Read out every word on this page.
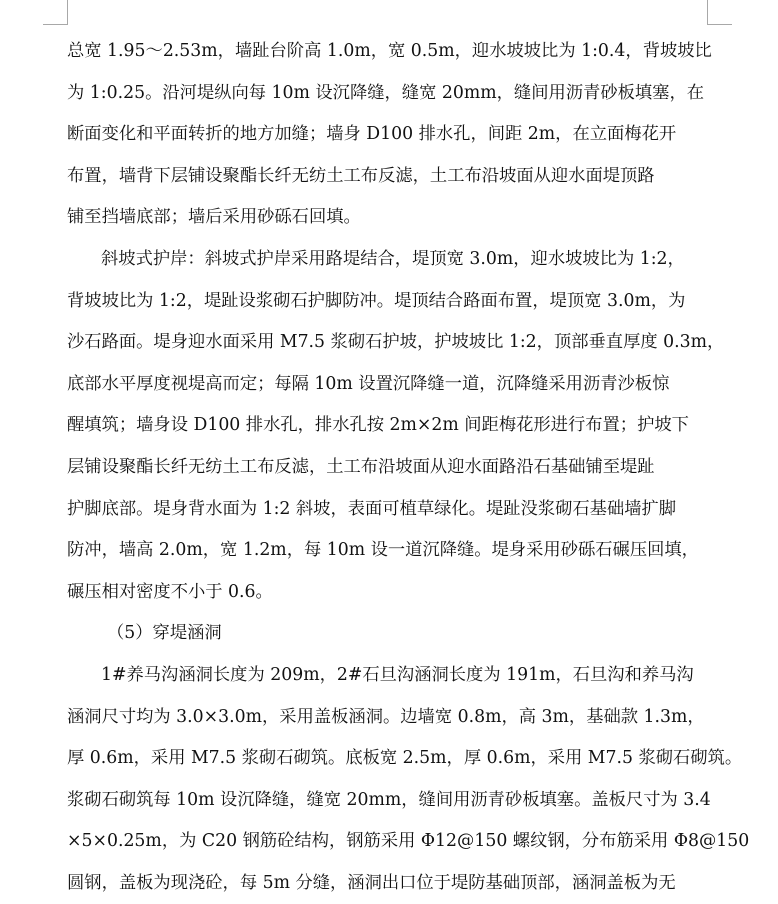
总宽 1.95～2.53m，墙趾台阶高 1.0m，宽 0.5m，迎水坡坡比为 1:0.4，背坡坡比
为 1:0.25。沿河堤纵向每 10m 设沉降缝，缝宽 20mm，缝间用沥青砂板填塞，在
断面变化和平面转折的地方加缝；墙身 D100 排水孔，间距 2m，在立面梅花开
布置，墙背下层铺设聚酯长纤无纺土工布反滤，土工布沿坡面从迎水面堤顶路
铺至挡墙底部；墙后采用砂砾石回填。
斜坡式护岸：斜坡式护岸采用路堤结合，堤顶宽 3.0m，迎水坡坡比为 1:2，
背坡坡比为 1:2，堤趾设浆砌石护脚防冲。堤顶结合路面布置，堤顶宽 3.0m，为
沙石路面。堤身迎水面采用 M7.5 浆砌石护坡，护坡坡比 1:2，顶部垂直厚度 0.3m，
底部水平厚度视堤高而定；每隔 10m 设置沉降缝一道，沉降缝采用沥青沙板惊
醒填筑；墙身设 D100 排水孔，排水孔按 2m×2m 间距梅花形进行布置；护坡下
层铺设聚酯长纤无纺土工布反滤，土工布沿坡面从迎水面路沿石基础铺至堤趾
护脚底部。堤身背水面为 1:2 斜坡，表面可植草绿化。堤趾没浆砌石基础墙扩脚
防冲，墙高 2.0m，宽 1.2m，每 10m 设一道沉降缝。堤身采用砂砾石碾压回填，
碾压相对密度不小于 0.6。
（5）穿堤涵洞
1#养马沟涵洞长度为 209m，2#石旦沟涵洞长度为 191m，石旦沟和养马沟
涵洞尺寸均为 3.0×3.0m，采用盖板涵洞。边墙宽 0.8m，高 3m，基础款 1.3m，
厚 0.6m，采用 M7.5 浆砌石砌筑。底板宽 2.5m，厚 0.6m，采用 M7.5 浆砌石砌筑。
浆砌石砌筑每 10m 设沉降缝，缝宽 20mm，缝间用沥青砂板填塞。盖板尺寸为 3.4
×5×0.25m，为 C20 钢筋砼结构，钢筋采用 Φ12@150 螺纹钢，分布筋采用 Φ8@150
圆钢，盖板为现浇砼，每 5m 分缝，涵洞出口位于堤防基础顶部，涵洞盖板为无
